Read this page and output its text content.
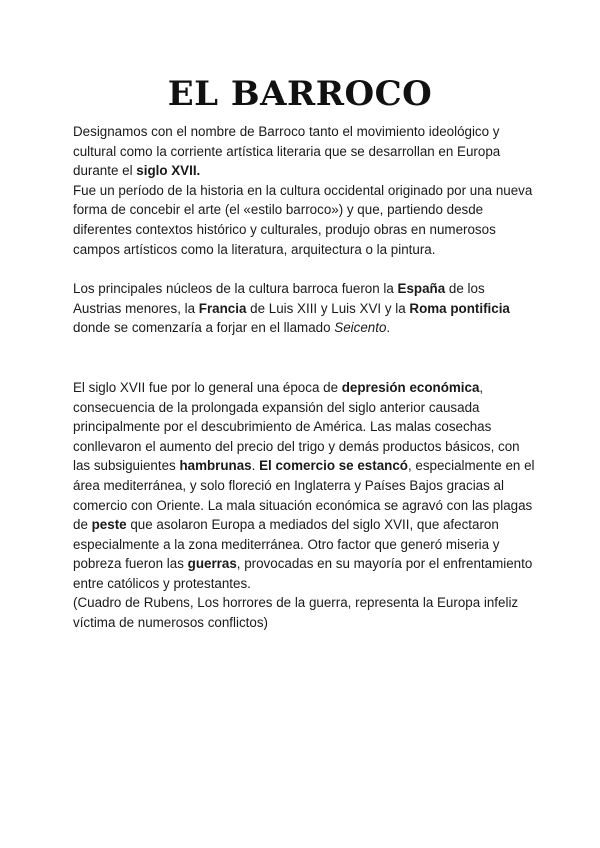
EL BARROCO

Designamos con el nombre de Barroco tanto el movimiento ideológico y cultural como la corriente artística literaria que se desarrollan en Europa durante el siglo XVII.

Fue un período de la historia en la cultura occidental originado por una nueva forma de concebir el arte (el «estilo barroco») y que, partiendo desde diferentes contextos histórico y culturales, produjo obras en numerosos campos artísticos como la literatura, arquitectura o la pintura.

Los principales núcleos de la cultura barroca fueron la España de los Austrias menores, la Francia de Luis XIII y Luis XVI y la Roma pontificia donde se comenzaría a forjar en el llamado Seicento.

El siglo XVII fue por lo general una época de depresión económica, consecuencia de la prolongada expansión del siglo anterior causada principalmente por el descubrimiento de América. Las malas cosechas conllevaron el aumento del precio del trigo y demás productos básicos, con las subsiguientes hambrunas. El comercio se estancó, especialmente en el área mediterránea, y solo floreció en Inglaterra y Países Bajos gracias al comercio con Oriente. La mala situación económica se agravó con las plagas de peste que asolaron Europa a mediados del siglo XVII, que afectaron especialmente a la zona mediterránea. Otro factor que generó miseria y pobreza fueron las guerras, provocadas en su mayoría por el enfrentamiento entre católicos y protestantes.

(Cuadro de Rubens, Los horrores de la guerra, representa la Europa infeliz víctima de numerosos conflictos)
